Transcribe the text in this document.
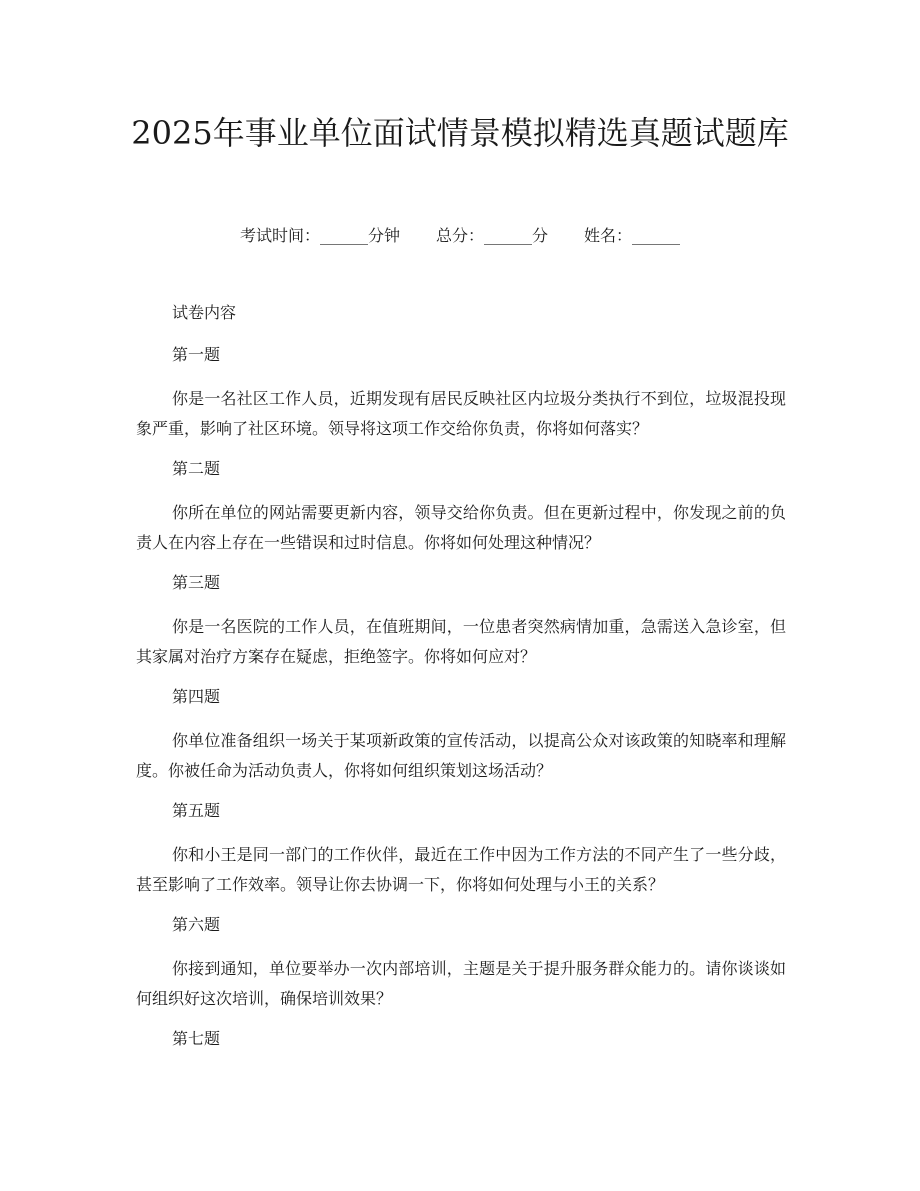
2025年事业单位面试情景模拟精选真题试题库
考试时间：______分钟 总分：______分 姓名：______
试卷内容
第一题

你是一名社区工作人员，近期发现有居民反映社区内垃圾分类执行不到位，垃圾混投现象严重，影响了社区环境。领导将这项工作交给你负责，你将如何落实？

第二题

你所在单位的网站需要更新内容，领导交给你负责。但在更新过程中，你发现之前的负责人在内容上存在一些错误和过时信息。你将如何处理这种情况？

第三题

你是一名医院的工作人员，在值班期间，一位患者突然病情加重，急需送入急诊室，但其家属对治疗方案存在疑虑，拒绝签字。你将如何应对？

第四题

你单位准备组织一场关于某项新政策的宣传活动，以提高公众对该政策的知晓率和理解度。你被任命为活动负责人，你将如何组织策划这场活动？

第五题

你和小王是同一部门的工作伙伴，最近在工作中因为工作方法的不同产生了一些分歧，甚至影响了工作效率。领导让你去协调一下，你将如何处理与小王的关系？

第六题

你接到通知，单位要举办一次内部培训，主题是关于提升服务群众能力的。请你谈谈如何组织好这次培训，确保培训效果？

第七题
